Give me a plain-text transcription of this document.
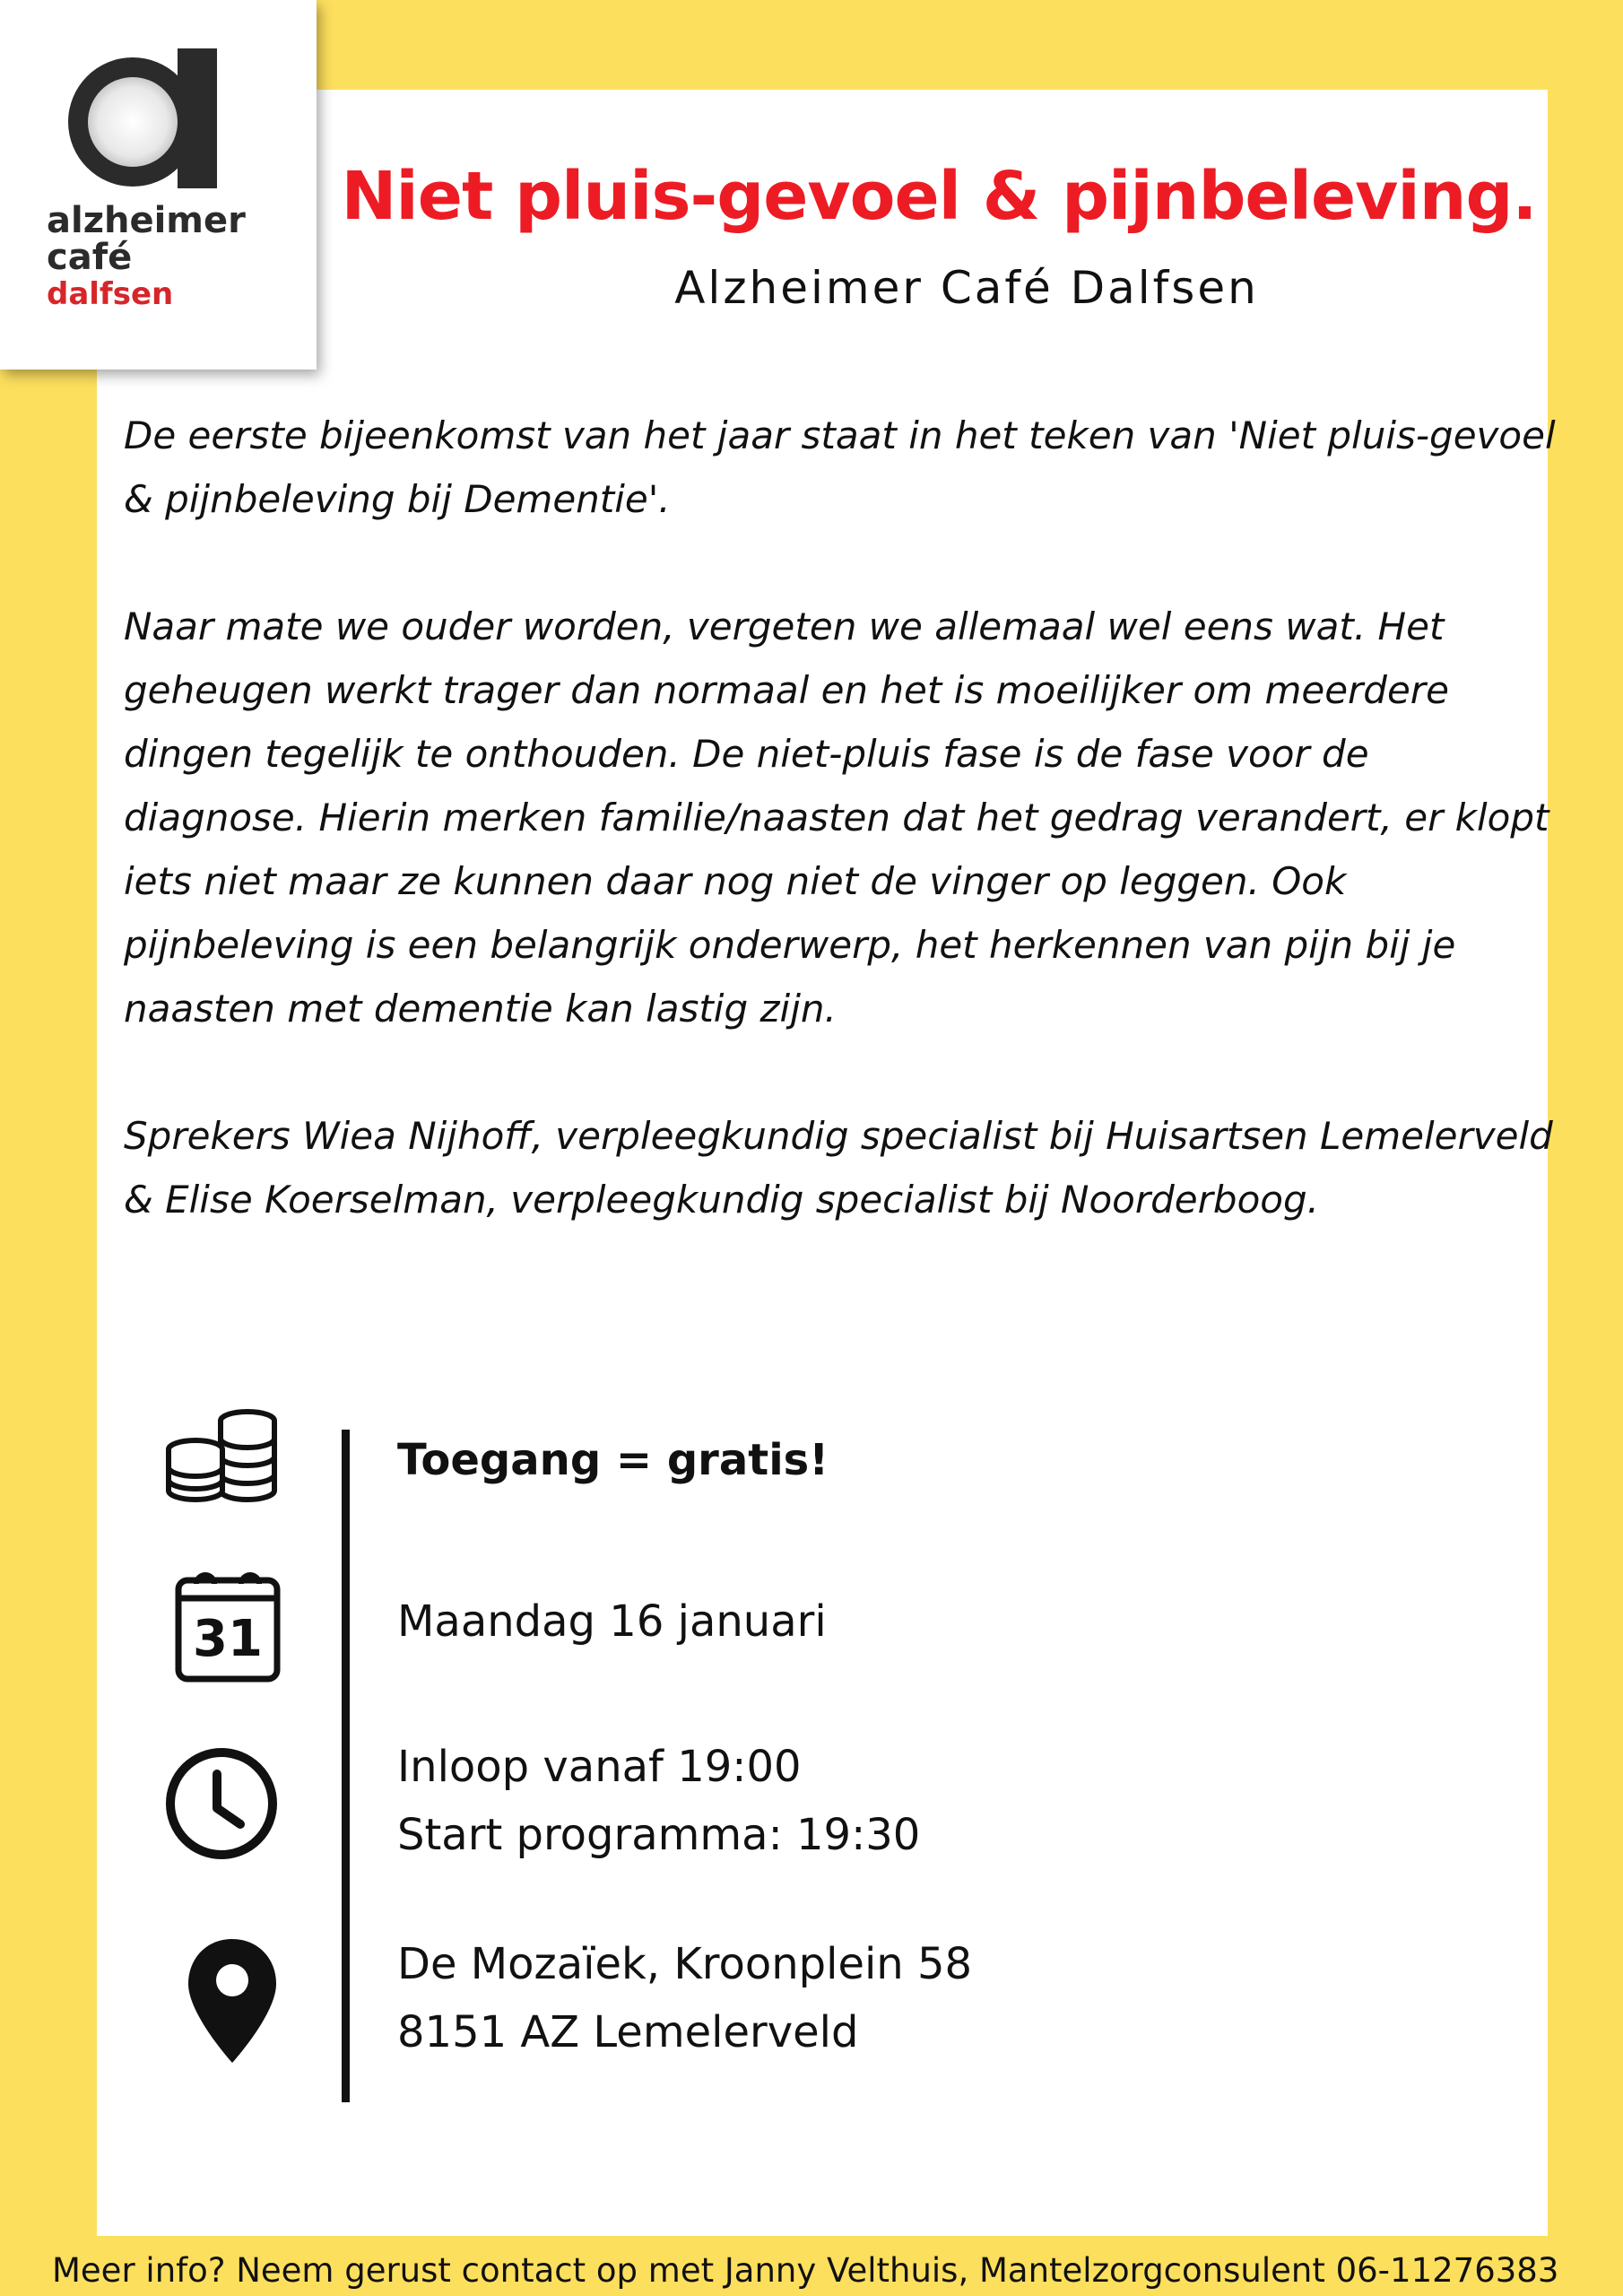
alzheimer
café
dalfsen
Niet pluis-gevoel & pijnbeleving.
Alzheimer Café Dalfsen

De eerste bijeenkomst van het jaar staat in het teken van 'Niet pluis-gevoel & pijnbeleving bij Dementie'.

Naar mate we ouder worden, vergeten we allemaal wel eens wat. Het geheugen werkt trager dan normaal en het is moeilijker om meerdere dingen tegelijk te onthouden. De niet-pluis fase is de fase voor de diagnose. Hierin merken familie/naasten dat het gedrag verandert, er klopt iets niet maar ze kunnen daar nog niet de vinger op leggen. Ook pijnbeleving is een belangrijk onderwerp, het herkennen van pijn bij je naasten met dementie kan lastig zijn.

Sprekers Wiea Nijhoff, verpleegkundig specialist bij Huisartsen Lemelerveld & Elise Koerselman, verpleegkundig specialist bij Noorderboog.

31
Toegang = gratis!
Maandag 16 januari
Inloop vanaf 19:00
Start programma: 19:30
De Mozaïek, Kroonplein 58
8151 AZ Lemelerveld
Meer info? Neem gerust contact op met Janny Velthuis, Mantelzorgconsulent 06-11276383
